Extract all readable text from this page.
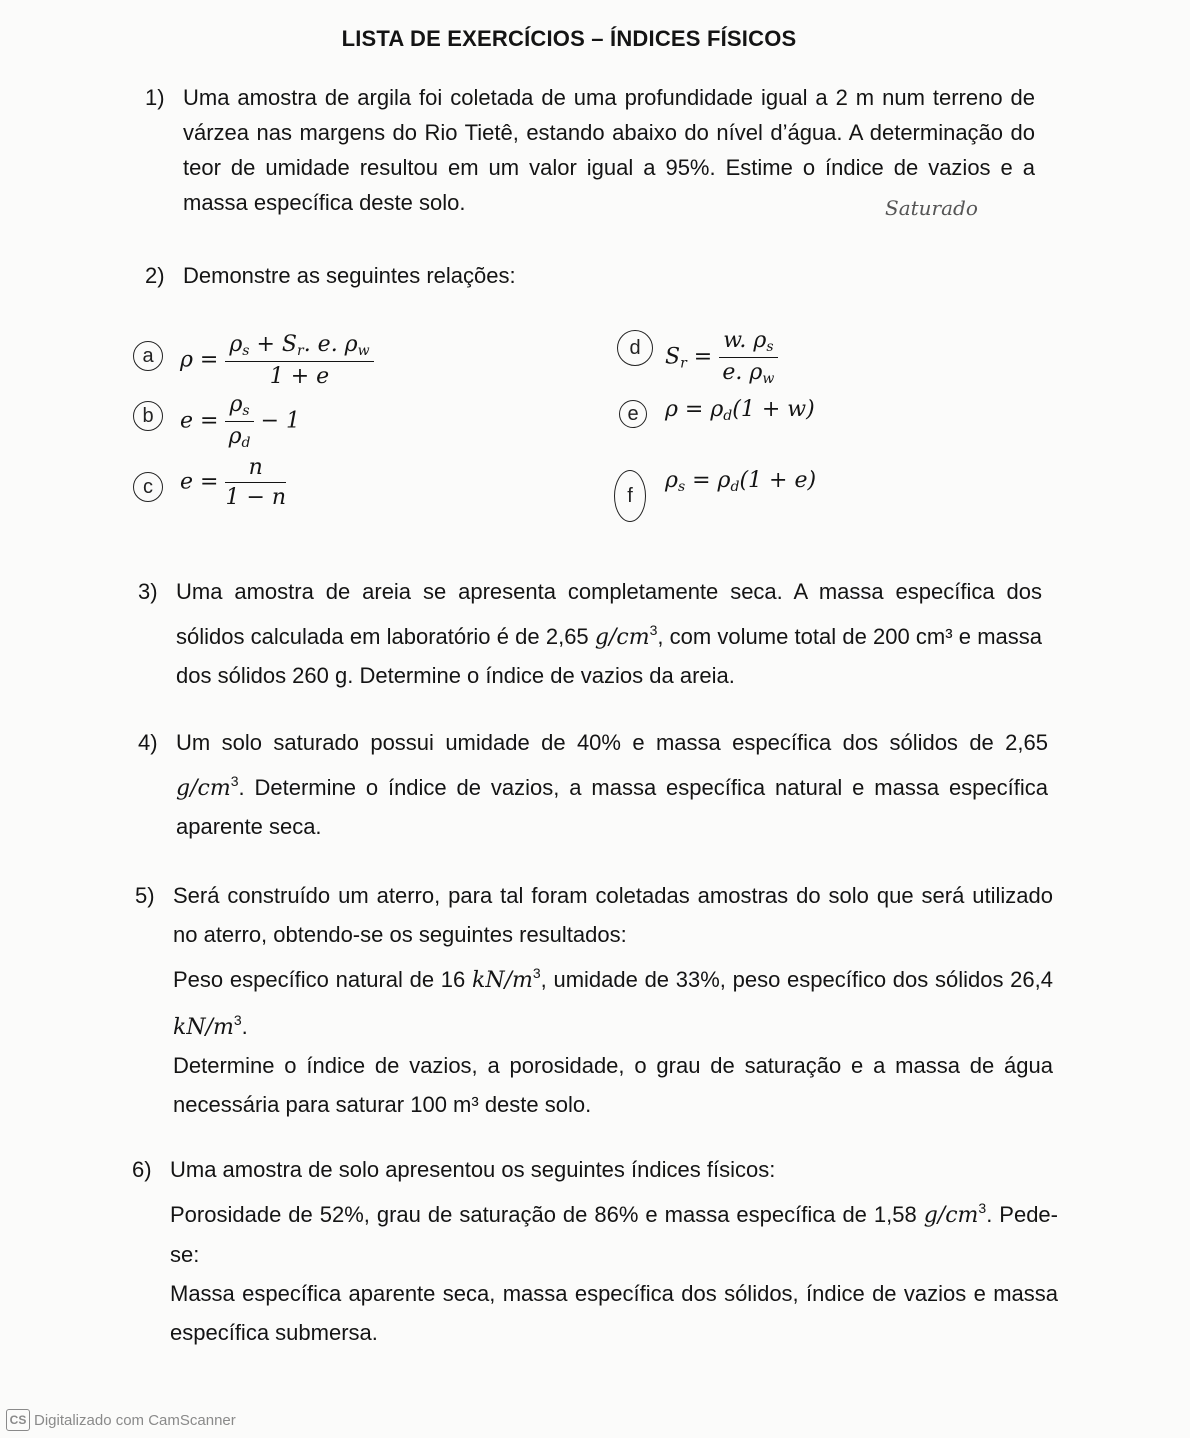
LISTA DE EXERCÍCIOS – ÍNDICES FÍSICOS
1) Uma amostra de argila foi coletada de uma profundidade igual a 2 m num terreno de várzea nas margens do Rio Tietê, estando abaixo do nível d’água. A determinação do teor de umidade resultou em um valor igual a 95%. Estime o índice de vazios e a massa específica deste solo.	Saturado
2) Demonstre as seguintes relações:
a	$\rho = \frac{\rho_s + S_r. e. \rho_w}{1 + e}$
b	$e = \frac{\rho_s}{\rho_d} - 1$
c	$e = \frac{n}{1 - n}$
d	$S_r = \frac{w. \rho_s}{e. \rho_w}$
e	$\rho = \rho_d(1 + w)$
f
$\rho_s = \rho_d(1 + e)$
3) Uma amostra de areia se apresenta completamente seca. A massa específica dos sólidos calculada em laboratório é de 2,65 $g/cm^3$, com volume total de 200 cm³ e massa dos sólidos 260 g. Determine o índice de vazios da areia.
4) Um solo saturado possui umidade de 40% e massa específica dos sólidos de 2,65 $g/cm^3$. Determine o índice de vazios, a massa específica natural e massa específica aparente seca.
5) Será construído um aterro, para tal foram coletadas amostras do solo que será utilizado no aterro, obtendo-se os seguintes resultados:

Peso específico natural de 16 $kN/m^3$, umidade de 33%, peso específico dos sólidos 26,4 $kN/m^3$.

Determine o índice de vazios, a porosidade, o grau de saturação e a massa de água necessária para saturar 100 m³ deste solo.

6) Uma amostra de solo apresentou os seguintes índices físicos:

Porosidade de 52%, grau de saturação de 86% e massa específica de 1,58 $g/cm^3$. Pede-se:

Massa específica aparente seca, massa específica dos sólidos, índice de vazios e massa específica submersa.

CS Digitalizado com CamScanner
